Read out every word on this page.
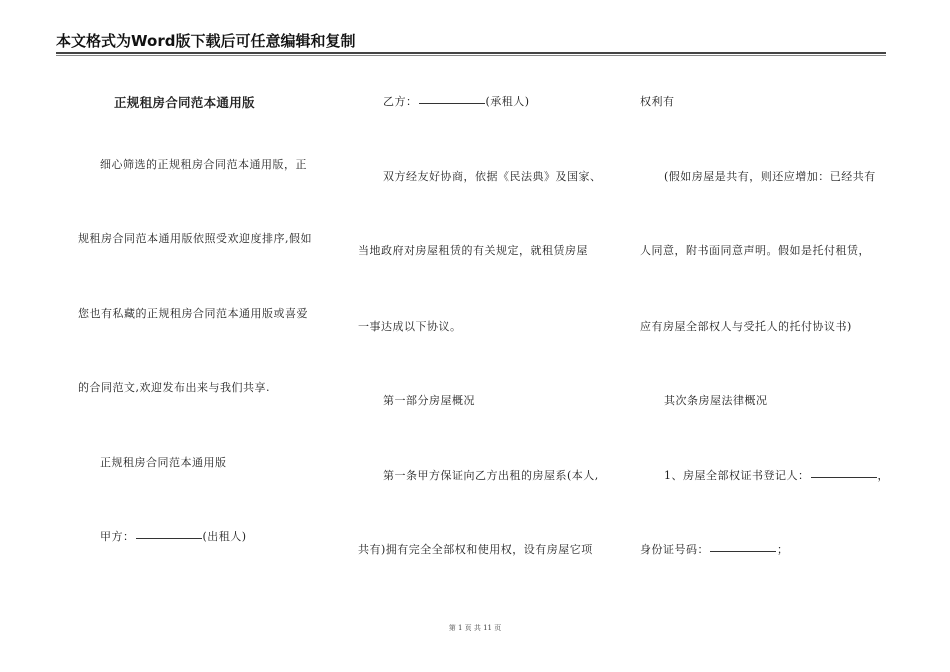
本文格式为Word版下载后可任意编辑和复制
正规租房合同范本通用版
细心筛选的正规租房合同范本通用版，正
规租房合同范本通用版依照受欢迎度排序,假如
您也有私藏的正规租房合同范本通用版或喜爱
的合同范文,欢迎发布出来与我们共享.
正规租房合同范本通用版
甲方：	(出租人)
乙方：	(承租人)
双方经友好协商，依据《民法典》及国家、
当地政府对房屋租赁的有关规定，就租赁房屋
一事达成以下协议。
第一部分房屋概况
第一条甲方保证向乙方出租的房屋系(本人,
共有)拥有完全全部权和使用权，设有房屋它项
权利有
(假如房屋是共有，则还应增加：已经共有
人同意，附书面同意声明。假如是托付租赁，
应有房屋全部权人与受托人的托付协议书)
其次条房屋法律概况
1、房屋全部权证书登记人：	，
身份证号码：	；
第 1 页 共 11 页
